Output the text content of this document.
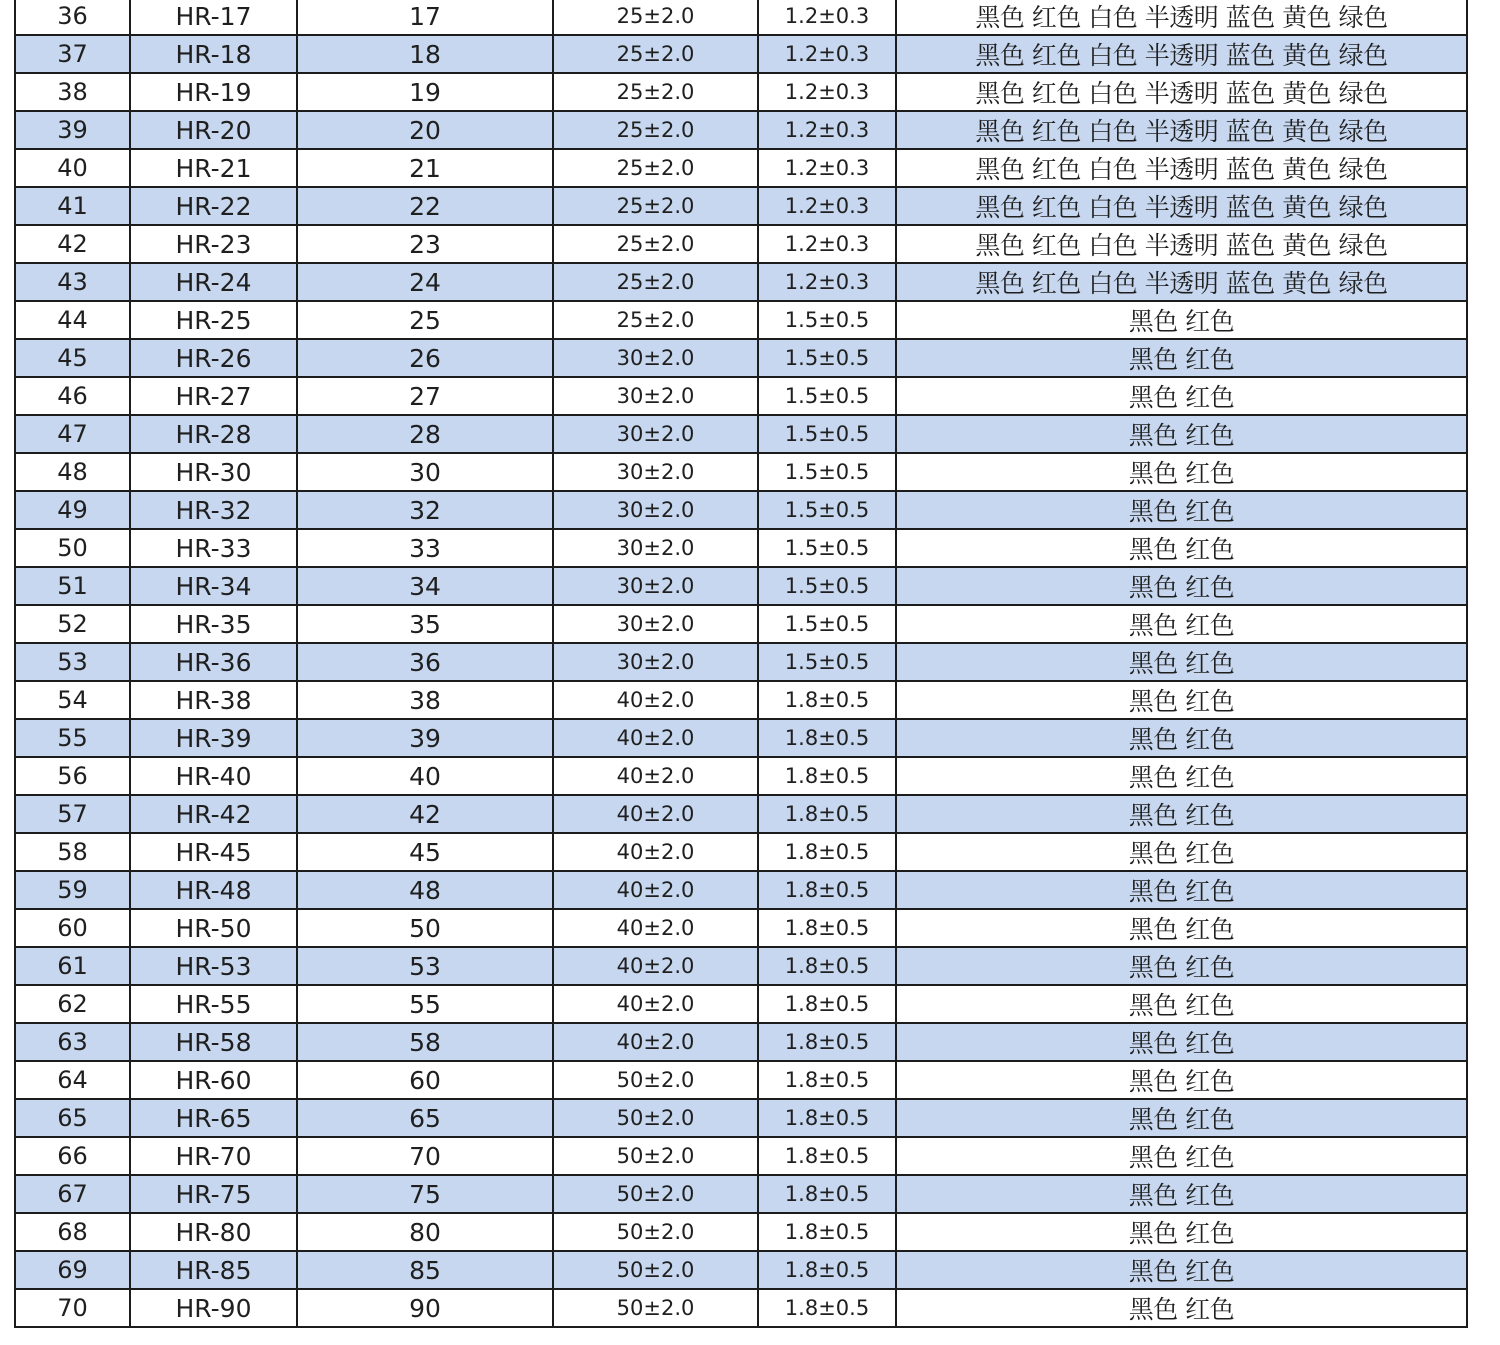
36	HR-17	17	25±2.0	1.2±0.3	黑色 红色 白色 半透明 蓝色 黄色 绿色
37	HR-18	18	25±2.0	1.2±0.3	黑色 红色 白色 半透明 蓝色 黄色 绿色
38	HR-19	19	25±2.0	1.2±0.3	黑色 红色 白色 半透明 蓝色 黄色 绿色
39	HR-20	20	25±2.0	1.2±0.3	黑色 红色 白色 半透明 蓝色 黄色 绿色
40	HR-21	21	25±2.0	1.2±0.3	黑色 红色 白色 半透明 蓝色 黄色 绿色
41	HR-22	22	25±2.0	1.2±0.3	黑色 红色 白色 半透明 蓝色 黄色 绿色
42	HR-23	23	25±2.0	1.2±0.3	黑色 红色 白色 半透明 蓝色 黄色 绿色
43	HR-24	24	25±2.0	1.2±0.3	黑色 红色 白色 半透明 蓝色 黄色 绿色
44	HR-25	25	25±2.0	1.5±0.5	黑色 红色
45	HR-26	26	30±2.0	1.5±0.5	黑色 红色
46	HR-27	27	30±2.0	1.5±0.5	黑色 红色
47	HR-28	28	30±2.0	1.5±0.5	黑色 红色
48	HR-30	30	30±2.0	1.5±0.5	黑色 红色
49	HR-32	32	30±2.0	1.5±0.5	黑色 红色
50	HR-33	33	30±2.0	1.5±0.5	黑色 红色
51	HR-34	34	30±2.0	1.5±0.5	黑色 红色
52	HR-35	35	30±2.0	1.5±0.5	黑色 红色
53	HR-36	36	30±2.0	1.5±0.5	黑色 红色
54	HR-38	38	40±2.0	1.8±0.5	黑色 红色
55	HR-39	39	40±2.0	1.8±0.5	黑色 红色
56	HR-40	40	40±2.0	1.8±0.5	黑色 红色
57	HR-42	42	40±2.0	1.8±0.5	黑色 红色
58	HR-45	45	40±2.0	1.8±0.5	黑色 红色
59	HR-48	48	40±2.0	1.8±0.5	黑色 红色
60	HR-50	50	40±2.0	1.8±0.5	黑色 红色
61	HR-53	53	40±2.0	1.8±0.5	黑色 红色
62	HR-55	55	40±2.0	1.8±0.5	黑色 红色
63	HR-58	58	40±2.0	1.8±0.5	黑色 红色
64	HR-60	60	50±2.0	1.8±0.5	黑色 红色
65	HR-65	65	50±2.0	1.8±0.5	黑色 红色
66	HR-70	70	50±2.0	1.8±0.5	黑色 红色
67	HR-75	75	50±2.0	1.8±0.5	黑色 红色
68	HR-80	80	50±2.0	1.8±0.5	黑色 红色
69	HR-85	85	50±2.0	1.8±0.5	黑色 红色
70	HR-90	90	50±2.0	1.8±0.5	黑色 红色
